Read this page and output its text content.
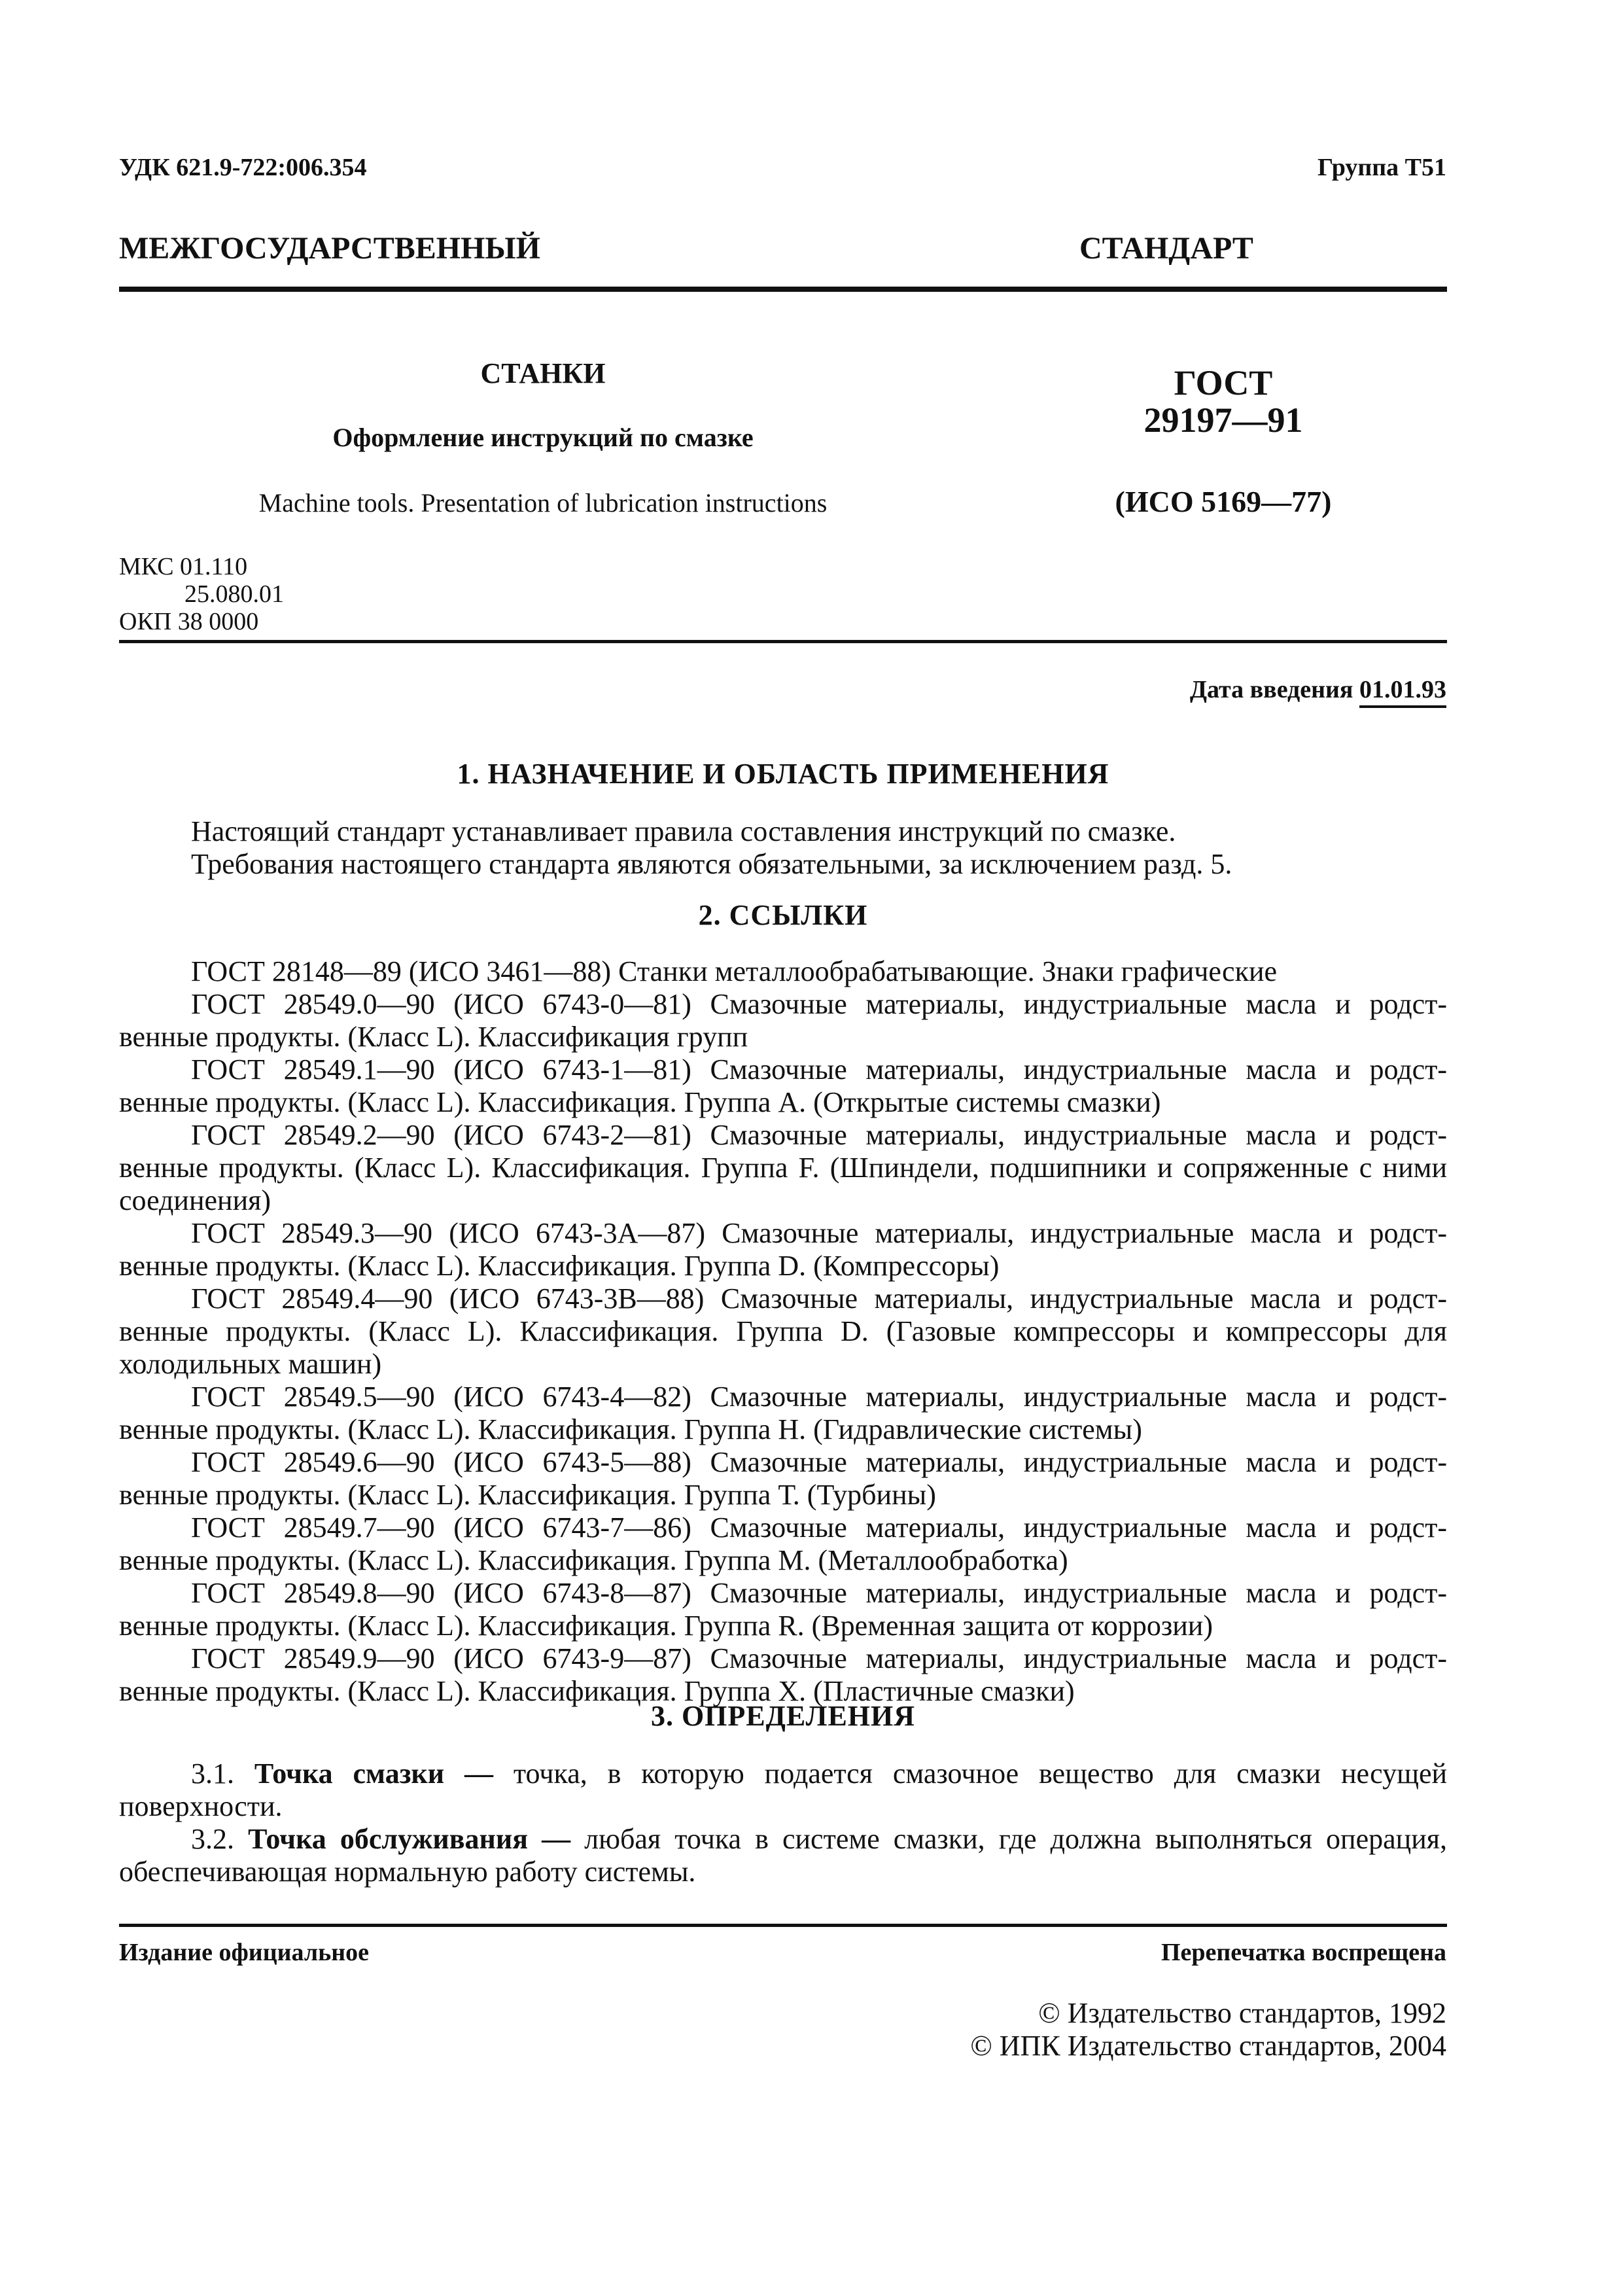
УДК 621.9-722:006.354	Группа Т51
МЕЖГОСУДАРСТВЕННЫЙ	СТАНДАРТ
СТАНКИ
Оформление инструкций по смазке
Machine tools. Presentation of lubrication instructions
ГОСТ
29197—91
(ИСО 5169—77)
МКС 01.110
25.080.01
ОКП 38 0000
Дата введения 01.01.93
1. НАЗНАЧЕНИЕ И ОБЛАСТЬ ПРИМЕНЕНИЯ
Настоящий стандарт устанавливает правила составления инструкций по смазке.
Требования настоящего стандарта являются обязательными, за исключением разд. 5.
2. ССЫЛКИ
ГОСТ 28148—89 (ИСО 3461—88) Станки металлообрабатывающие. Знаки графические
ГОСТ 28549.0—90 (ИСО 6743-0—81) Смазочные материалы, индустриальные масла и родст-
венные продукты. (Класс L). Классификация групп
ГОСТ 28549.1—90 (ИСО 6743-1—81) Смазочные материалы, индустриальные масла и родст-
венные продукты. (Класс L). Классификация. Группа А. (Открытые системы смазки)
ГОСТ 28549.2—90 (ИСО 6743-2—81) Смазочные материалы, индустриальные масла и родст-
венные продукты. (Класс L). Классификация. Группа F. (Шпиндели, подшипники и сопряженные с ними соединения)
ГОСТ 28549.3—90 (ИСО 6743-3А—87) Смазочные материалы, индустриальные масла и родст-
венные продукты. (Класс L). Классификация. Группа D. (Компрессоры)
ГОСТ 28549.4—90 (ИСО 6743-3В—88) Смазочные материалы, индустриальные масла и родст-
венные продукты. (Класс L). Классификация. Группа D. (Газовые компрессоры и компрессоры для холодильных машин)
ГОСТ 28549.5—90 (ИСО 6743-4—82) Смазочные материалы, индустриальные масла и родст-
венные продукты. (Класс L). Классификация. Группа Н. (Гидравлические системы)
ГОСТ 28549.6—90 (ИСО 6743-5—88) Смазочные материалы, индустриальные масла и родст-
венные продукты. (Класс L). Классификация. Группа Т. (Турбины)
ГОСТ 28549.7—90 (ИСО 6743-7—86) Смазочные материалы, индустриальные масла и родст-
венные продукты. (Класс L). Классификация. Группа М. (Металлообработка)
ГОСТ 28549.8—90 (ИСО 6743-8—87) Смазочные материалы, индустриальные масла и родст-
венные продукты. (Класс L). Классификация. Группа R. (Временная защита от коррозии)
ГОСТ 28549.9—90 (ИСО 6743-9—87) Смазочные материалы, индустриальные масла и родст-
венные продукты. (Класс L). Классификация. Группа X. (Пластичные смазки)
3. ОПРЕДЕЛЕНИЯ
3.1. Точка смазки — точка, в которую подается смазочное вещество для смазки несущей
поверхности.
3.2. Точка обслуживания — любая точка в системе смазки, где должна выполняться операция,
обеспечивающая нормальную работу системы.
Издание официальное	Перепечатка воспрещена
© Издательство стандартов, 1992
© ИПК Издательство стандартов, 2004
